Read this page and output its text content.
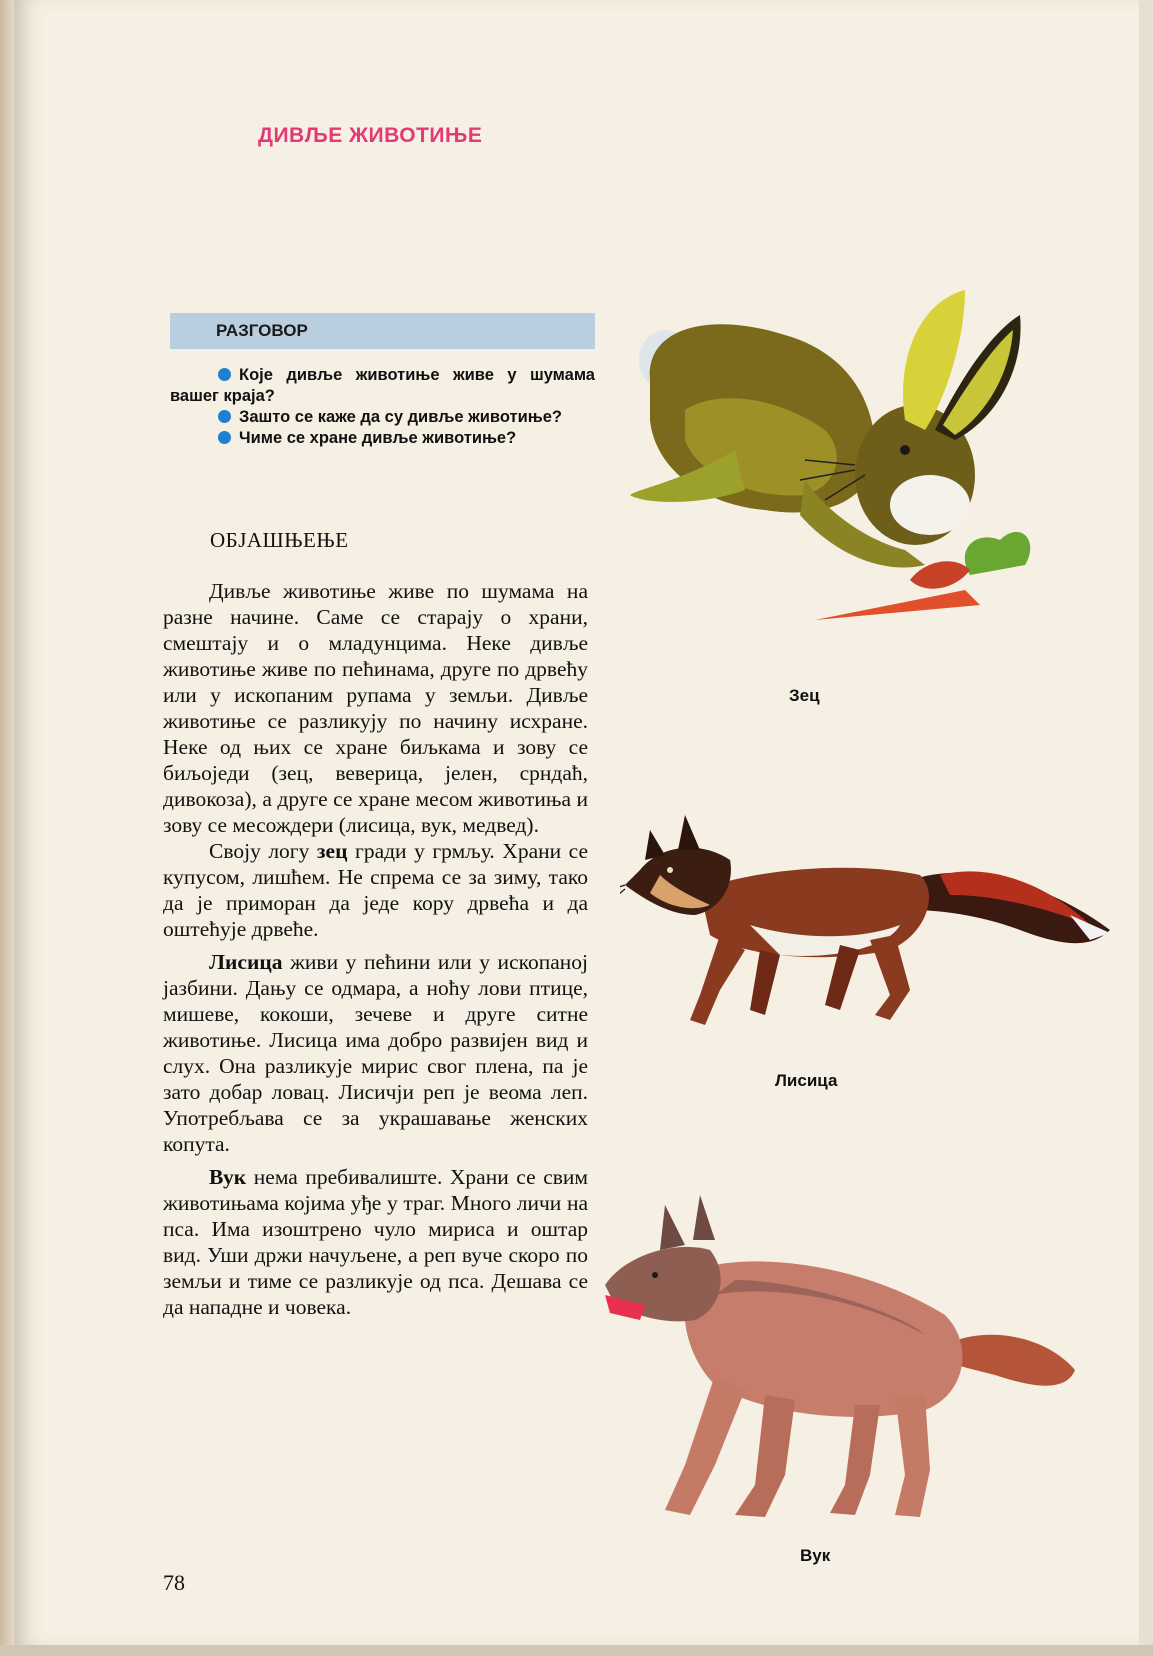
ДИВЉЕ ЖИВОТИЊЕ
РАЗГОВОР

Које дивље животиње живе у шумама вашег краја?

Зашто се каже да су дивље животиње?

Чиме се хране дивље животиње?

ОБЈАШЊЕЊЕ

Дивље животиње живе по шумама на разне начине. Саме се старају о храни, смештају и о младунцима. Неке дивље животиње живе по пећинама, друге по дрвећу или у ископаним рупама у земљи. Дивље животиње се разликују по начину исхране. Неке од њих се хране биљкама и зову се биљоједи (зец, веверица, јелен, срндаћ, дивокоза), а друге се хране месом животиња и зову се месождери (лисица, вук, медвед).

Своју логу зец гради у грмљу. Храни се купусом, лишћем. Не спрема се за зиму, тако да је приморан да једе кору дрвећа и да оштећује дрвеће.

Лисица живи у пећини или у ископаној јазбини. Дању се одмара, а ноћу лови птице, мишеве, кокоши, зечеве и друге ситне животиње. Лисица има добро развијен вид и слух. Она разликује мирис свог плена, па је зато добар ловац. Лисичји реп је веома леп. Употребљава се за украшавање женских копута.

Вук нема пребивалиште. Храни се свим животињама којима уђе у траг. Много личи на пса. Има изоштрено чуло мириса и оштар вид. Уши држи начуљене, а реп вуче скоро по земљи и тиме се разликује од пса. Дешава се да нападне и човека.

78
Зец
Лисица
Вук
